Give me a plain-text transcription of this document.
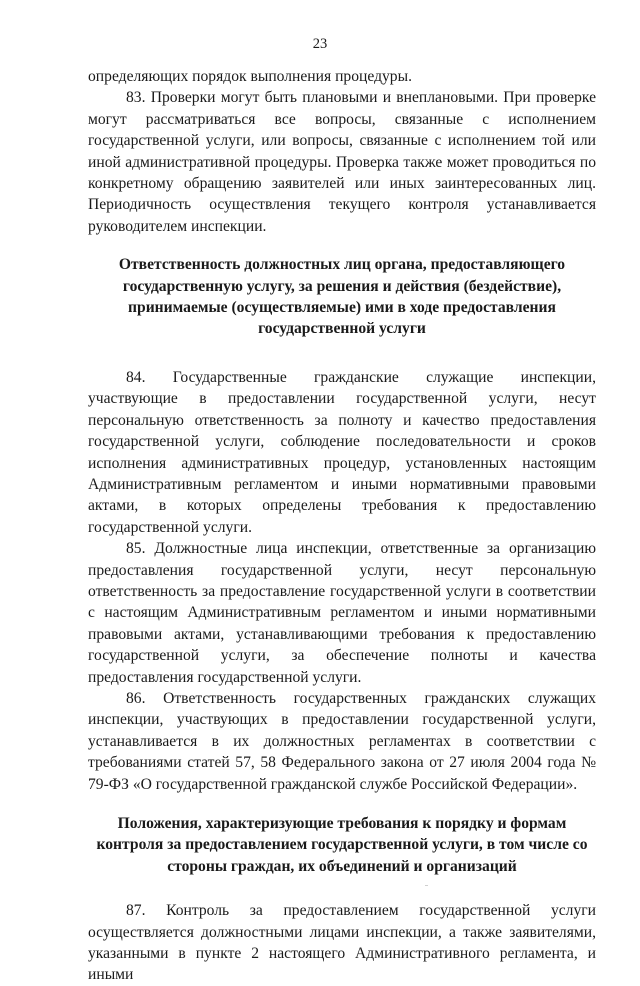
23

определяющих порядок выполнения процедуры.

83. Проверки могут быть плановыми и внеплановыми. При проверке могут рассматриваться все вопросы, связанные с исполнением государственной услуги, или вопросы, связанные с исполнением той или иной административной процедуры. Проверка также может проводиться по конкретному обращению заявителей или иных заинтересованных лиц. Периодичность осуществления текущего контроля устанавливается руководителем инспекции.

Ответственность должностных лиц органа, предоставляющего государственную услугу, за решения и действия (бездействие), принимаемые (осуществляемые) ими в ходе предоставления государственной услуги

84. Государственные гражданские служащие инспекции, участвующие в предоставлении государственной услуги, несут персональную ответственность за полноту и качество предоставления государственной услуги, соблюдение последовательности и сроков исполнения административных процедур, установленных настоящим Административным регламентом и иными нормативными правовыми актами, в которых определены требования к предоставлению государственной услуги.

85. Должностные лица инспекции, ответственные за организацию предоставления государственной услуги, несут персональную ответственность за предоставление государственной услуги в соответствии с настоящим Административным регламентом и иными нормативными правовыми актами, устанавливающими требования к предоставлению государственной услуги, за обеспечение полноты и качества предоставления государственной услуги.

86. Ответственность государственных гражданских служащих инспекции, участвующих в предоставлении государственной услуги, устанавливается в их должностных регламентах в соответствии с требованиями статей 57, 58 Федерального закона от 27 июля 2004 года № 79-ФЗ «О государственной гражданской службе Российской Федерации».

Положения, характеризующие требования к порядку и формам контроля за предоставлением государственной услуги, в том числе со стороны граждан, их объединений и организаций

87. Контроль за предоставлением государственной услуги осуществляется должностными лицами инспекции, а также заявителями, указанными в пункте 2 настоящего Административного регламента, и иными
